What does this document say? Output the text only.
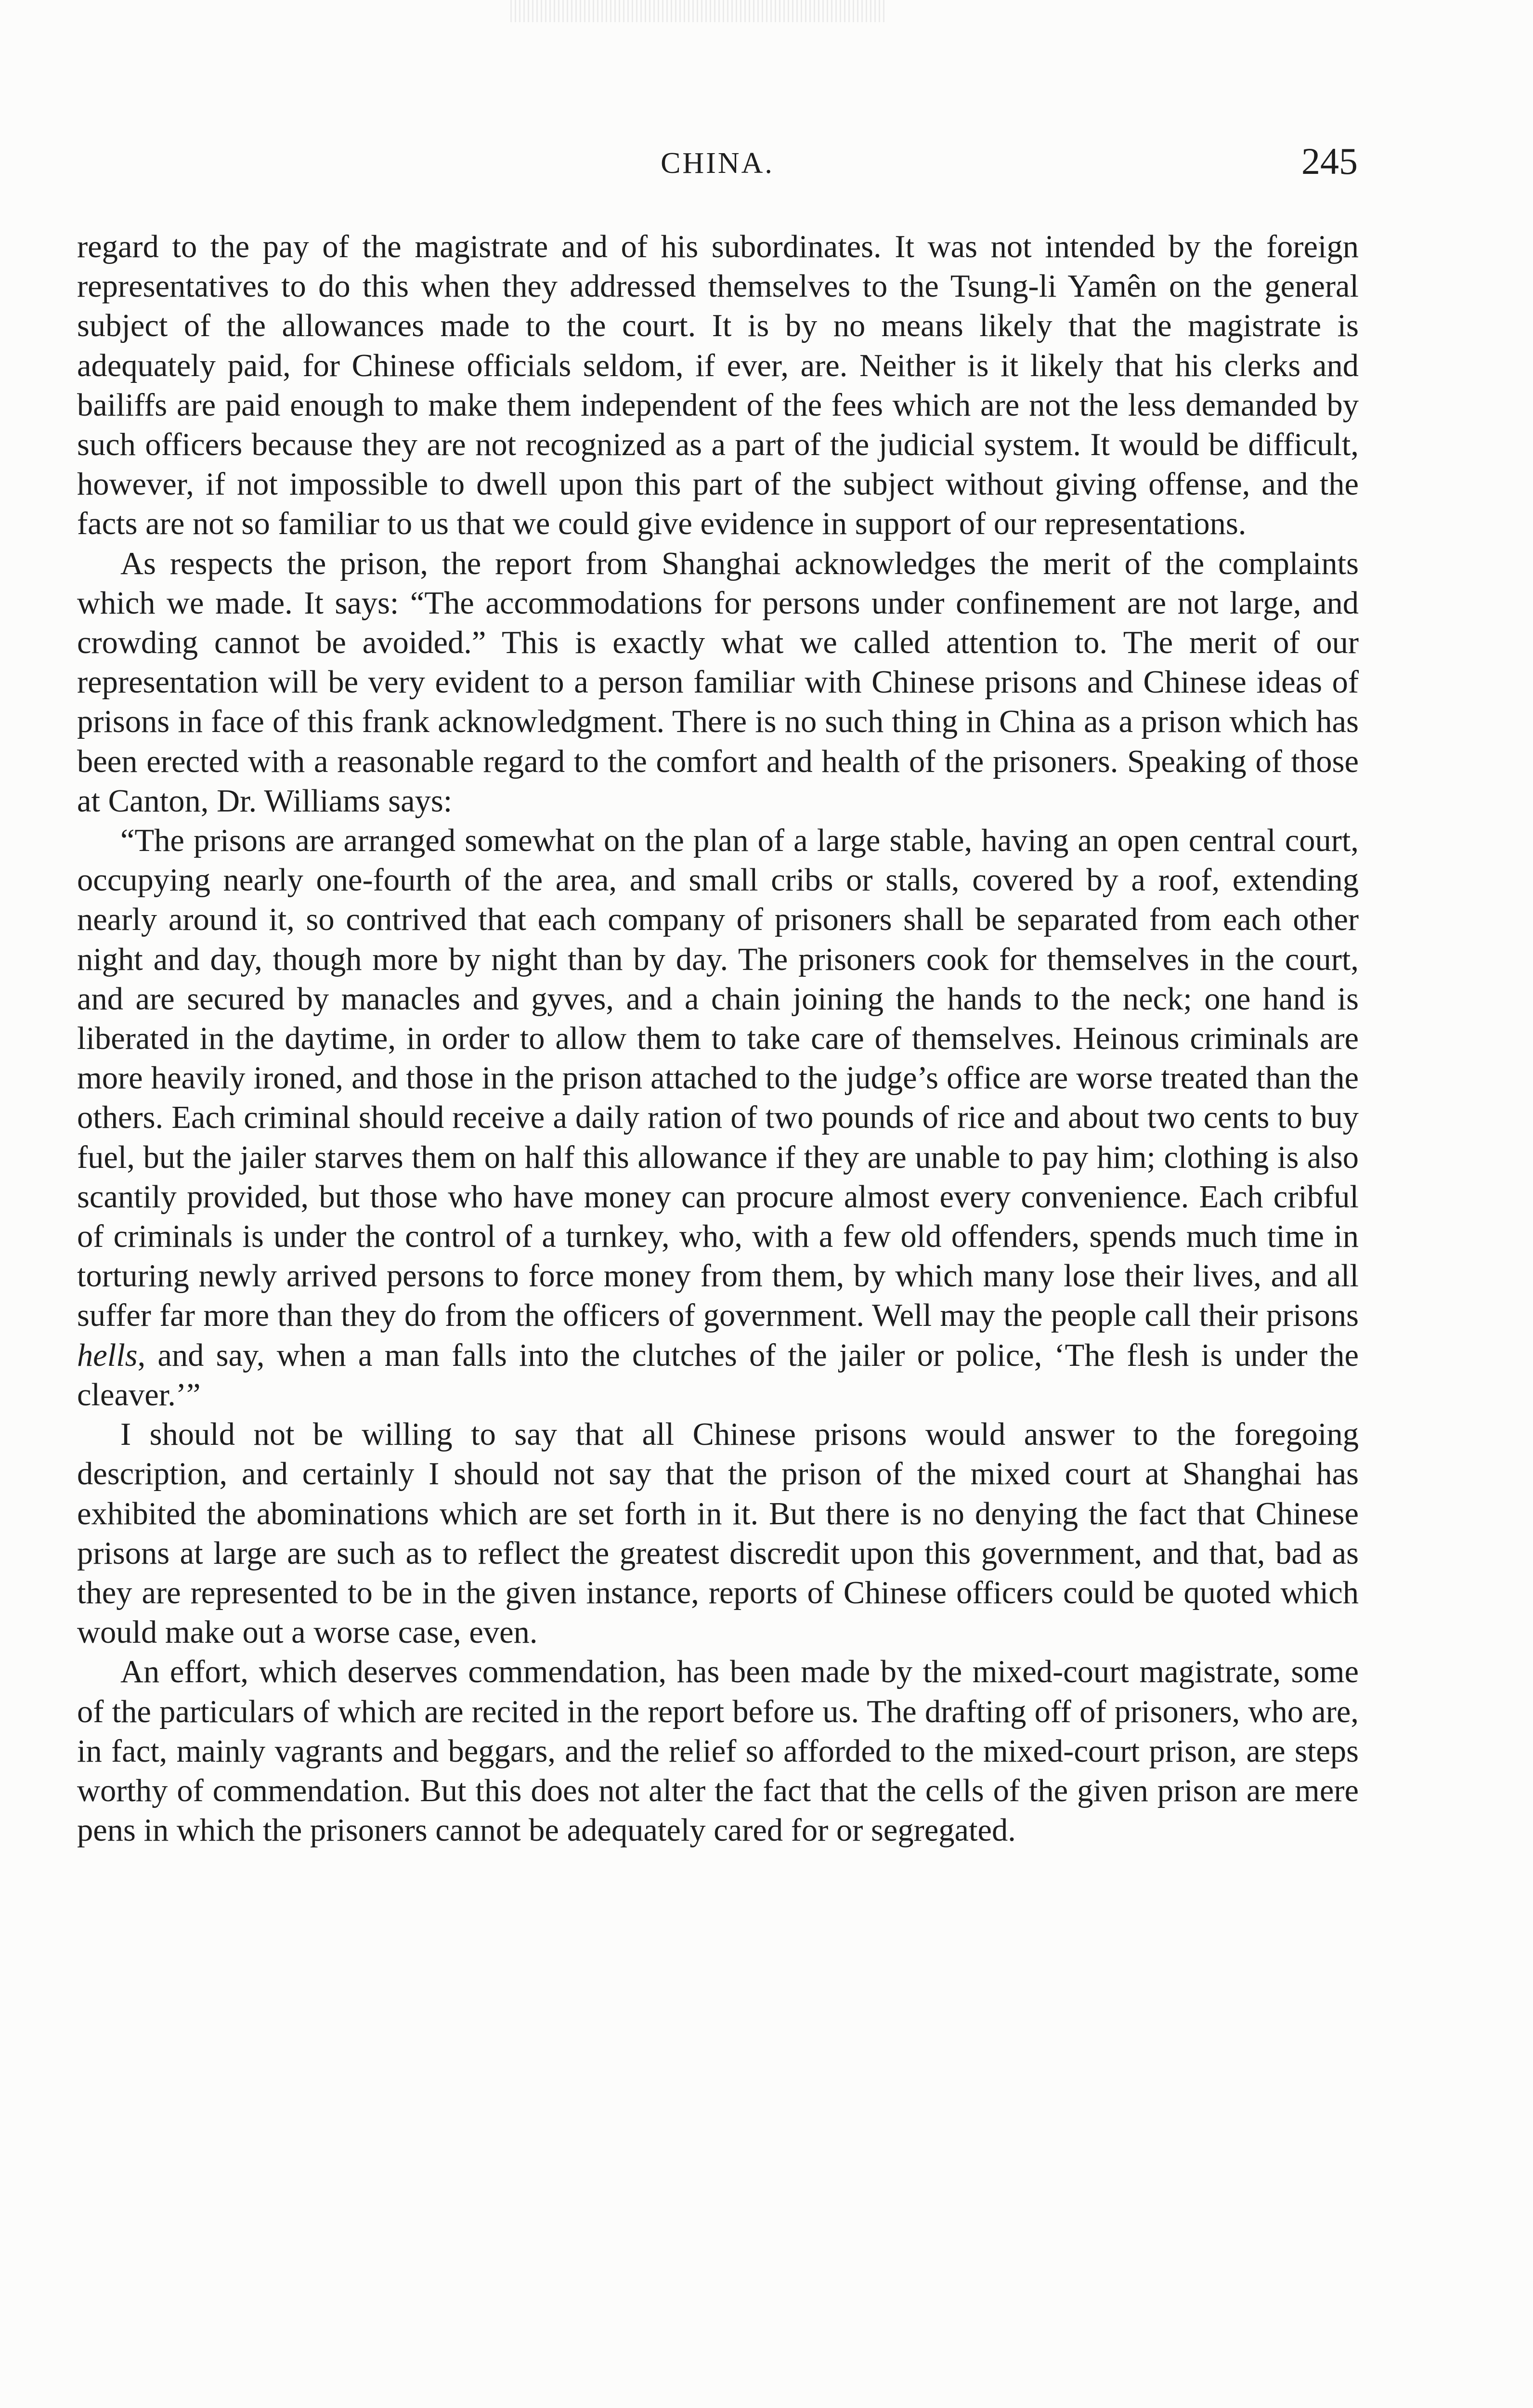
CHINA.	245

regard to the pay of the magistrate and of his subordinates. It was not intended by the foreign representatives to do this when they addressed themselves to the Tsung-li Yamên on the general subject of the allowances made to the court. It is by no means likely that the magistrate is adequately paid, for Chinese officials seldom, if ever, are. Neither is it likely that his clerks and bailiffs are paid enough to make them independent of the fees which are not the less demanded by such officers because they are not recognized as a part of the judicial system. It would be difficult, however, if not impossible to dwell upon this part of the subject without giving offense, and the facts are not so familiar to us that we could give evidence in support of our representations.

As respects the prison, the report from Shanghai acknowledges the merit of the complaints which we made. It says: “The accommodations for persons under confinement are not large, and crowding cannot be avoided.” This is exactly what we called attention to. The merit of our representation will be very evident to a person familiar with Chinese prisons and Chinese ideas of prisons in face of this frank acknowledgment. There is no such thing in China as a prison which has been erected with a reasonable regard to the comfort and health of the prisoners. Speaking of those at Canton, Dr. Williams says:

“The prisons are arranged somewhat on the plan of a large stable, having an open central court, occupying nearly one-fourth of the area, and small cribs or stalls, covered by a roof, extending nearly around it, so contrived that each company of prisoners shall be separated from each other night and day, though more by night than by day. The prisoners cook for themselves in the court, and are secured by manacles and gyves, and a chain joining the hands to the neck; one hand is liberated in the daytime, in order to allow them to take care of themselves. Heinous criminals are more heavily ironed, and those in the prison attached to the judge’s office are worse treated than the others. Each criminal should receive a daily ration of two pounds of rice and about two cents to buy fuel, but the jailer starves them on half this allowance if they are unable to pay him; clothing is also scantily provided, but those who have money can procure almost every convenience. Each cribful of criminals is under the control of a turnkey, who, with a few old offenders, spends much time in torturing newly arrived persons to force money from them, by which many lose their lives, and all suffer far more than they do from the officers of government. Well may the people call their prisons hells, and say, when a man falls into the clutches of the jailer or police, ‘The flesh is under the cleaver.’”

I should not be willing to say that all Chinese prisons would answer to the foregoing description, and certainly I should not say that the prison of the mixed court at Shanghai has exhibited the abominations which are set forth in it. But there is no denying the fact that Chinese prisons at large are such as to reflect the greatest discredit upon this government, and that, bad as they are represented to be in the given instance, reports of Chinese officers could be quoted which would make out a worse case, even.

An effort, which deserves commendation, has been made by the mixed-court magistrate, some of the particulars of which are recited in the report before us. The drafting off of prisoners, who are, in fact, mainly vagrants and beggars, and the relief so afforded to the mixed-court prison, are steps worthy of commendation. But this does not alter the fact that the cells of the given prison are mere pens in which the prisoners cannot be adequately cared for or segregated.
